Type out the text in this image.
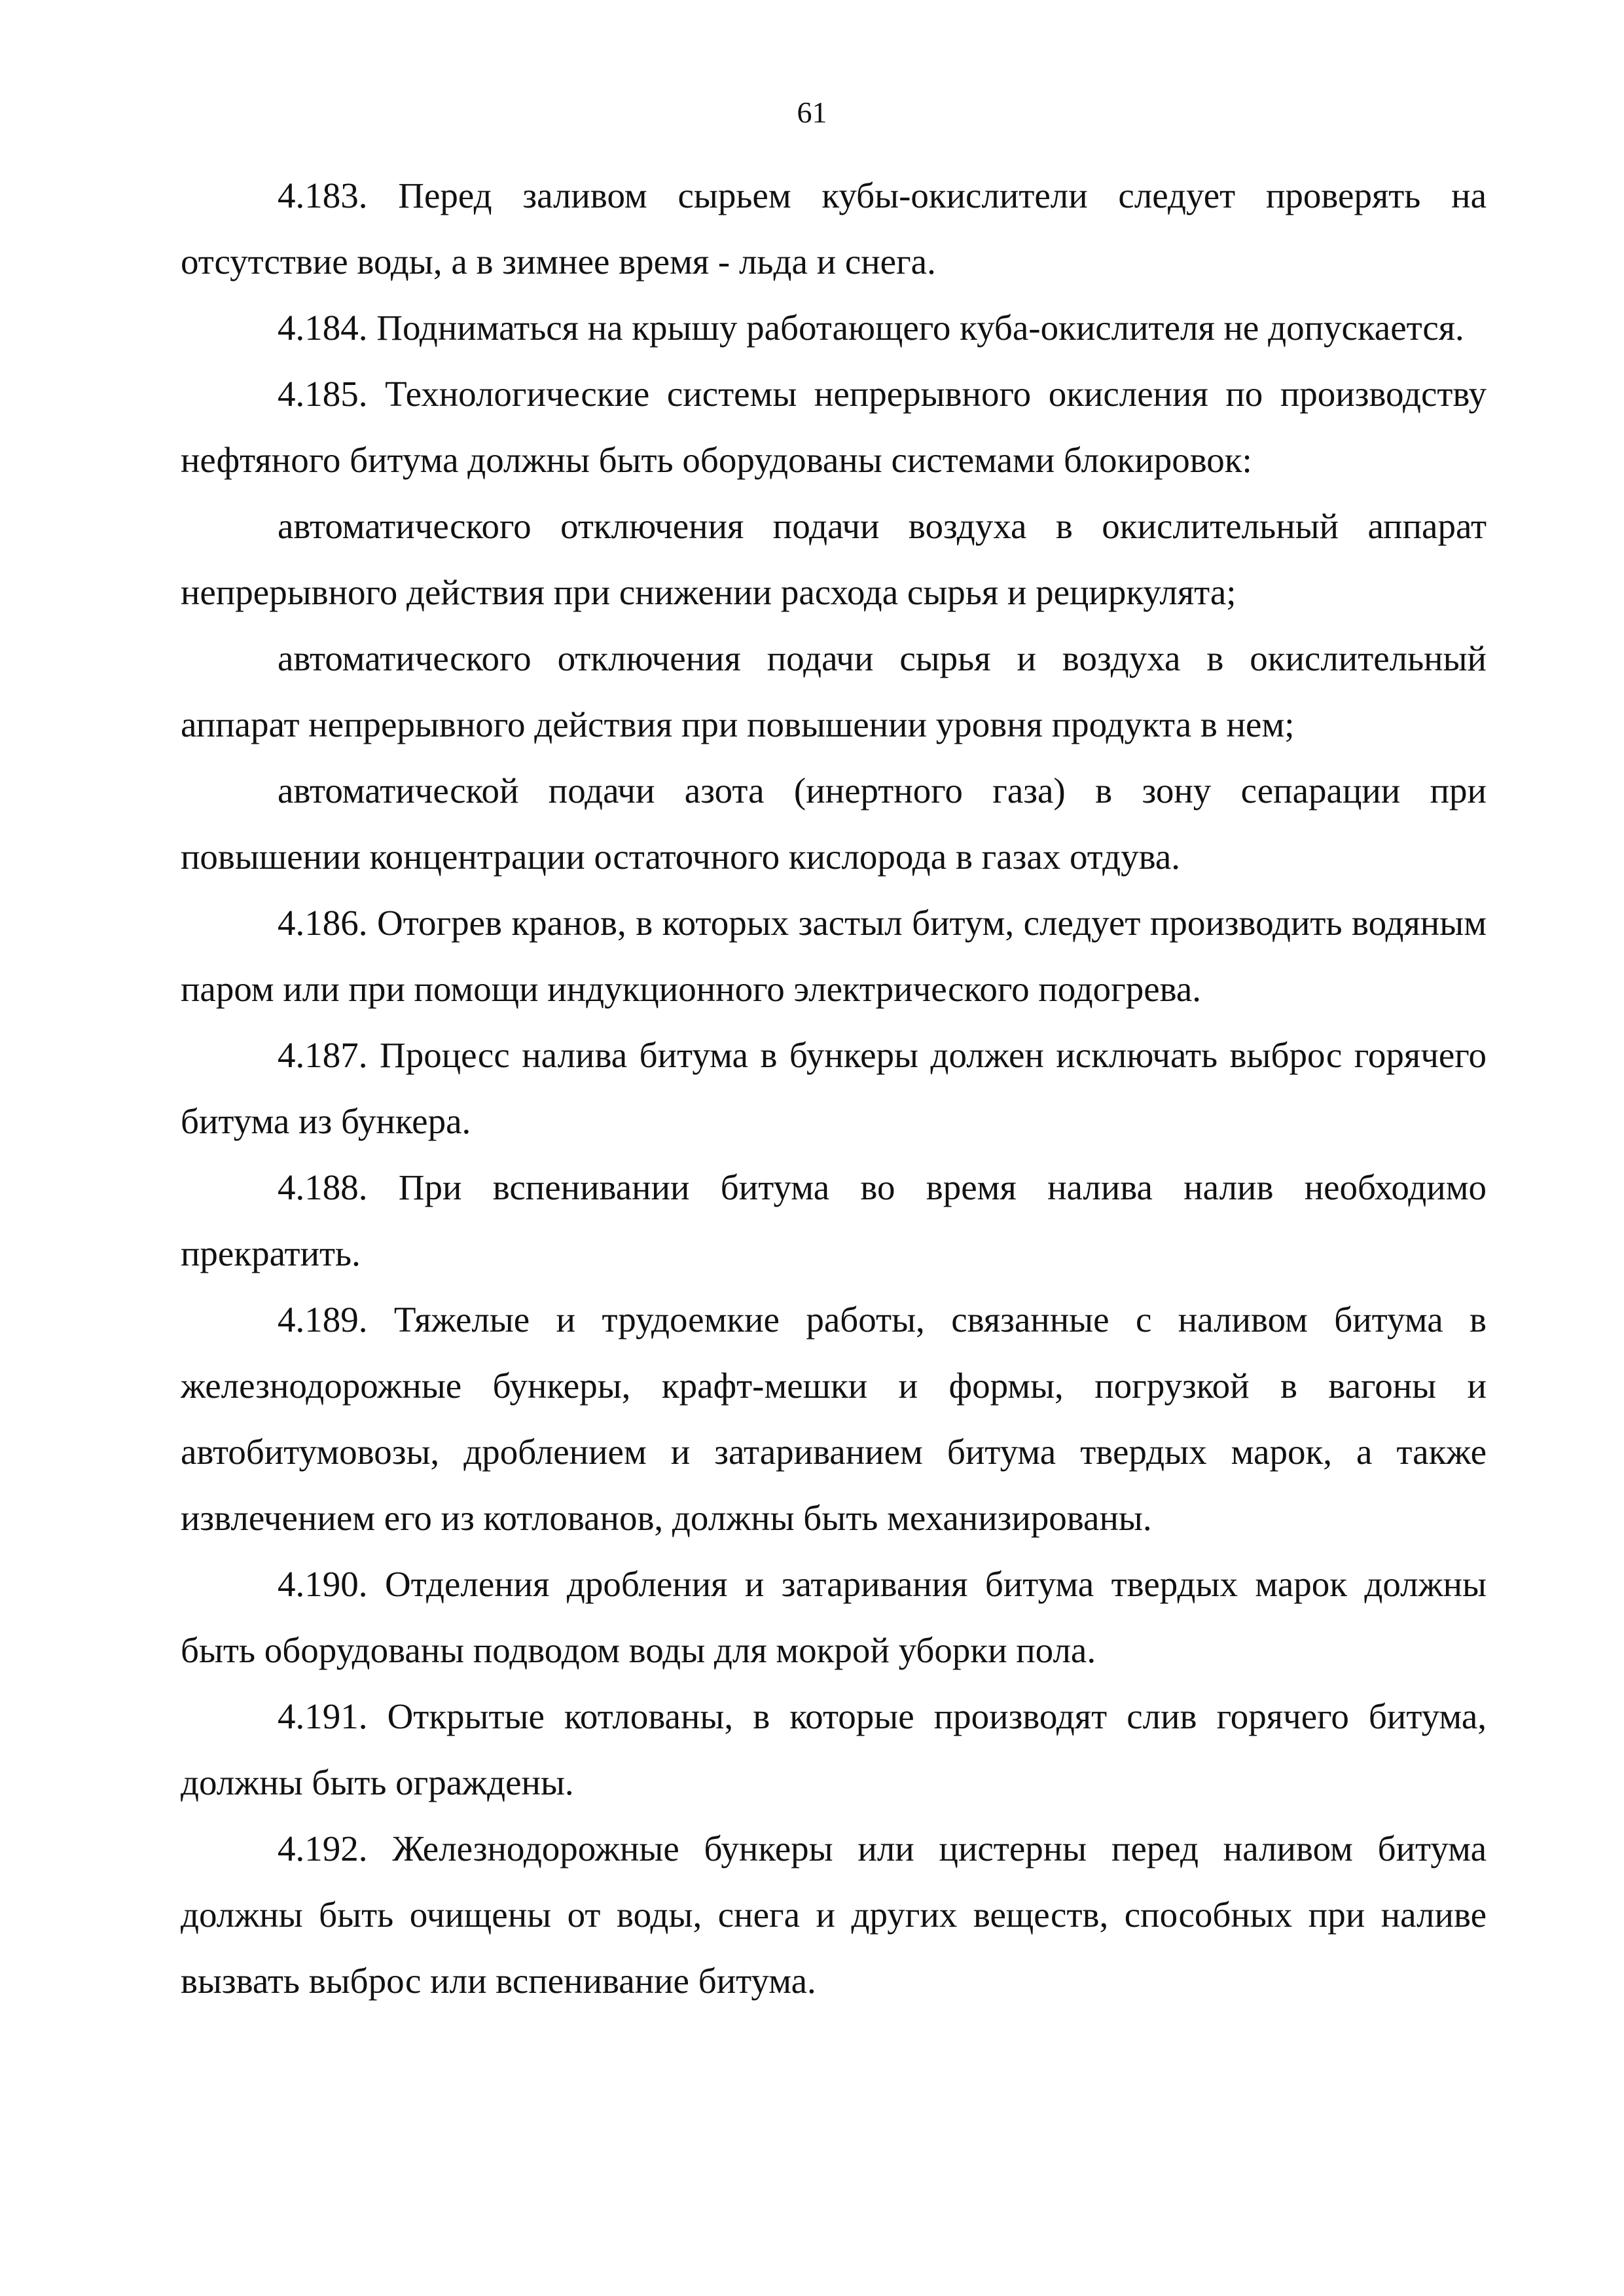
61

4.183. Перед заливом сырьем кубы-окислители следует проверять на отсутствие воды, а в зимнее время - льда и снега.

4.184. Подниматься на крышу работающего куба-окислителя не допускается.

4.185. Технологические системы непрерывного окисления по производству нефтяного битума должны быть оборудованы системами блокировок:

автоматического отключения подачи воздуха в окислительный аппарат непрерывного действия при снижении расхода сырья и рециркулята;

автоматического отключения подачи сырья и воздуха в окислительный аппарат непрерывного действия при повышении уровня продукта в нем;

автоматической подачи азота (инертного газа) в зону сепарации при повышении концентрации остаточного кислорода в газах отдува.

4.186. Отогрев кранов, в которых застыл битум, следует производить водяным паром или при помощи индукционного электрического подогрева.

4.187. Процесс налива битума в бункеры должен исключать выброс горячего битума из бункера.

4.188. При вспенивании битума во время налива налив необходимо прекратить.

4.189. Тяжелые и трудоемкие работы, связанные с наливом битума в железнодорожные бункеры, крафт-мешки и формы, погрузкой в вагоны и автобитумовозы, дроблением и затариванием битума твердых марок, а также извлечением его из котлованов, должны быть механизированы.

4.190. Отделения дробления и затаривания битума твердых марок должны быть оборудованы подводом воды для мокрой уборки пола.

4.191. Открытые котлованы, в которые производят слив горячего битума, должны быть ограждены.

4.192. Железнодорожные бункеры или цистерны перед наливом битума должны быть очищены от воды, снега и других веществ, способных при наливе вызвать выброс или вспенивание битума.
